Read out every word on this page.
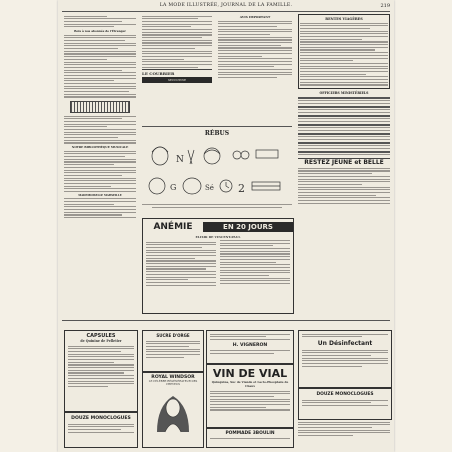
LA MODE ILLUSTRÉE, JOURNAL DE LA FAMILLE.	219
Bois à nos abonnés de l'Étranger
NOTRE BIBLIOTHÈQUE MUSICALE
MADEMOISELLE MARSEILLE
LE COURRIER
SECCOTINE
AVIS IMPORTANT
RÉBUS
N
G	Sé 2
RENTES VIAGÈRES
OFFICIERS MINISTÉRIELS
RESTEZ JEUNE et BELLE
ANÉMIE	EN 20 JOURS
ELIXIR DE VINCENT-PAUL
CAPSULES
de Quinine de Pelletier
DOUZE MONOCLOGUES
SUCRE D'ORGE
ROYAL WINDSOR
LE CÉLÈBRE RÉGÉNÉRATEUR DES CHEVEUX
H. VIGNERON
VIN DE VIAL
Quinquina, Suc de Viande et Lacto-Phosphate de Chaux
POMMADE 3BOULIN
Un Désinfectant
DOUZE MONOCLOGUES
